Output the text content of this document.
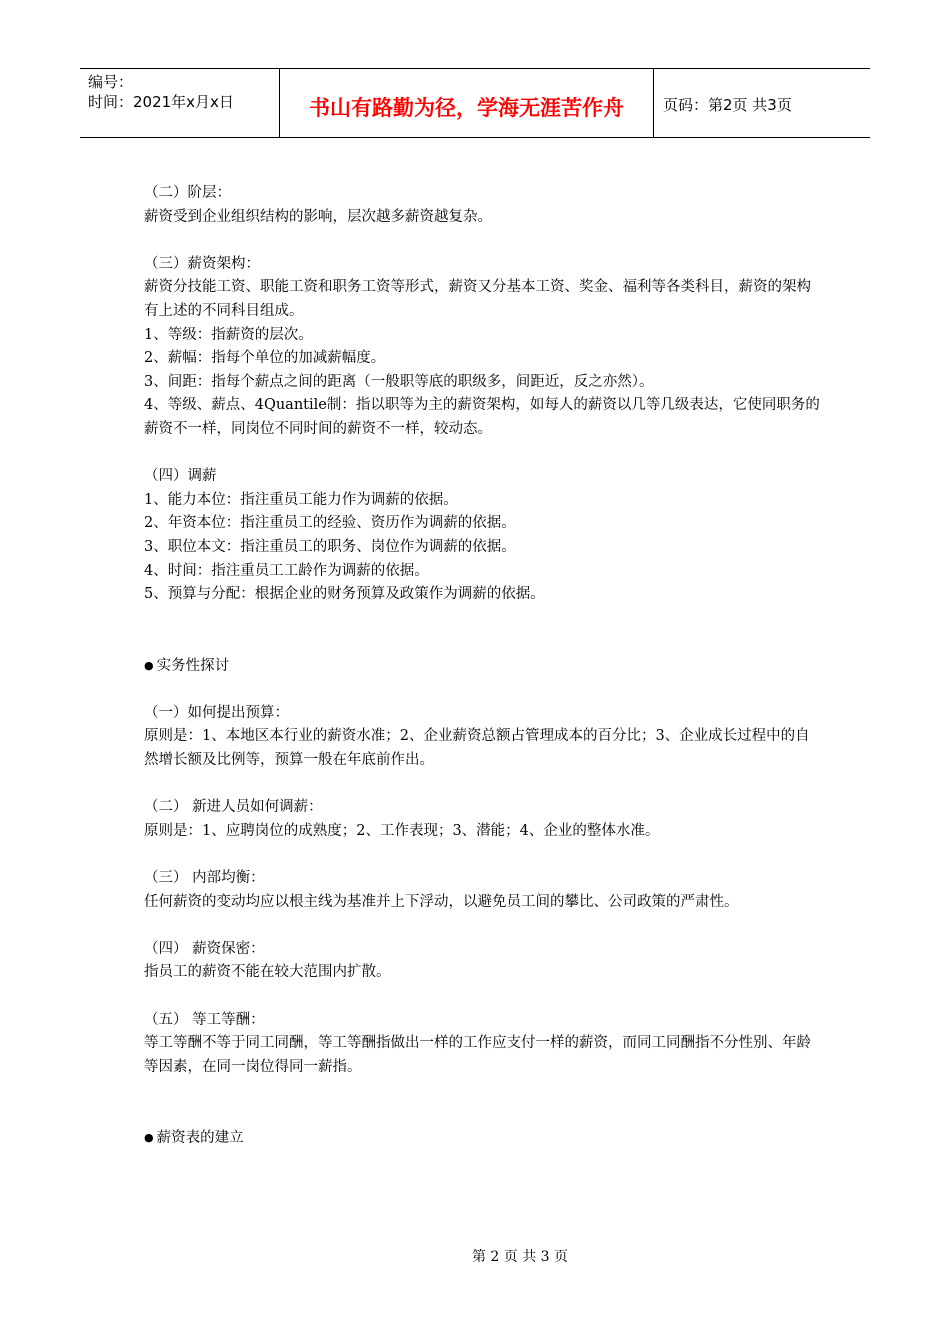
编号：
时间：2021年x月x日	书山有路勤为径，学海无涯苦作舟	页码：第2页 共3页

（二）阶层：

薪资受到企业组织结构的影响，层次越多薪资越复杂。

（三）薪资架构：

薪资分技能工资、职能工资和职务工资等形式，薪资又分基本工资、奖金、福利等各类科目，薪资的架构有上述的不同科目组成。

1、等级：指薪资的层次。

2、薪幅：指每个单位的加减薪幅度。

3、间距：指每个薪点之间的距离（一般职等底的职级多，间距近，反之亦然）。

4、等级、薪点、4Quantile制：指以职等为主的薪资架构，如每人的薪资以几等几级表达，它使同职务的薪资不一样，同岗位不同时间的薪资不一样，较动态。

（四）调薪

1、能力本位：指注重员工能力作为调薪的依据。

2、年资本位：指注重员工的经验、资历作为调薪的依据。

3、职位本文：指注重员工的职务、岗位作为调薪的依据。

4、时间：指注重员工工龄作为调薪的依据。

5、预算与分配：根据企业的财务预算及政策作为调薪的依据。

● 实务性探讨

（一）如何提出预算：

原则是：1、本地区本行业的薪资水准；2、企业薪资总额占管理成本的百分比；3、企业成长过程中的自然增长额及比例等，预算一般在年底前作出。

（二） 新进人员如何调薪：

原则是：1、应聘岗位的成熟度；2、工作表现；3、潜能；4、企业的整体水准。

（三） 内部均衡：

任何薪资的变动均应以根主线为基准并上下浮动，以避免员工间的攀比、公司政策的严肃性。

（四） 薪资保密：

指员工的薪资不能在较大范围内扩散。

（五） 等工等酬：

等工等酬不等于同工同酬，等工等酬指做出一样的工作应支付一样的薪资，而同工同酬指不分性别、年龄等因素，在同一岗位得同一薪指。

● 薪资表的建立

第 2 页 共 3 页
